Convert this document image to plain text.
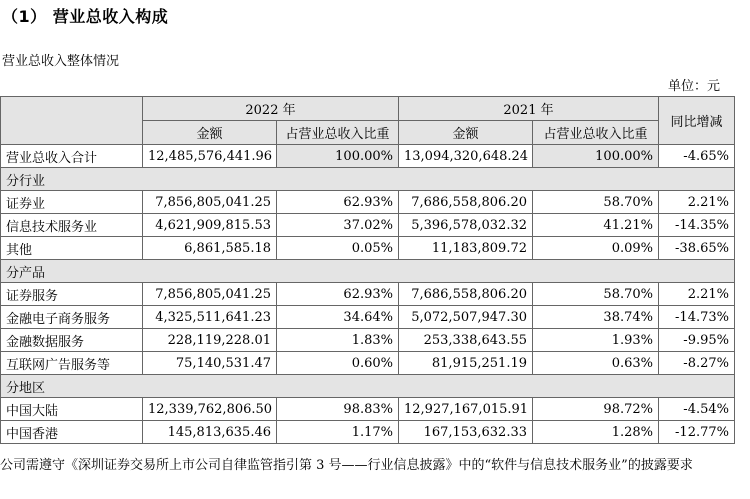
（1） 营业总收入构成
营业总收入整体情况
单位：元
	2022 年		2021 年		同比增减
	金额	占营业总收入比重	金额	占营业总收入比重	
营业总收入合计	12,485,576,441.96	100.00%	13,094,320,648.24	100.00%	-4.65%
分行业					
证券业	7,856,805,041.25	62.93%	7,686,558,806.20	58.70%	2.21%
信息技术服务业	4,621,909,815.53	37.02%	5,396,578,032.32	41.21%	-14.35%
其他	6,861,585.18	0.05%	11,183,809.72	0.09%	-38.65%
分产品					
证券服务	7,856,805,041.25	62.93%	7,686,558,806.20	58.70%	2.21%
金融电子商务服务	4,325,511,641.23	34.64%	5,072,507,947.30	38.74%	-14.73%
金融数据服务	228,119,228.01	1.83%	253,338,643.55	1.93%	-9.95%
互联网广告服务等	75,140,531.47	0.60%	81,915,251.19	0.63%	-8.27%
分地区					
中国大陆	12,339,762,806.50	98.83%	12,927,167,015.91	98.72%	-4.54%
中国香港	145,813,635.46	1.17%	167,153,632.33	1.28%	-12.77%
公司需遵守《深圳证券交易所上市公司自律监管指引第 3 号——行业信息披露》中的“软件与信息技术服务业”的披露要求
